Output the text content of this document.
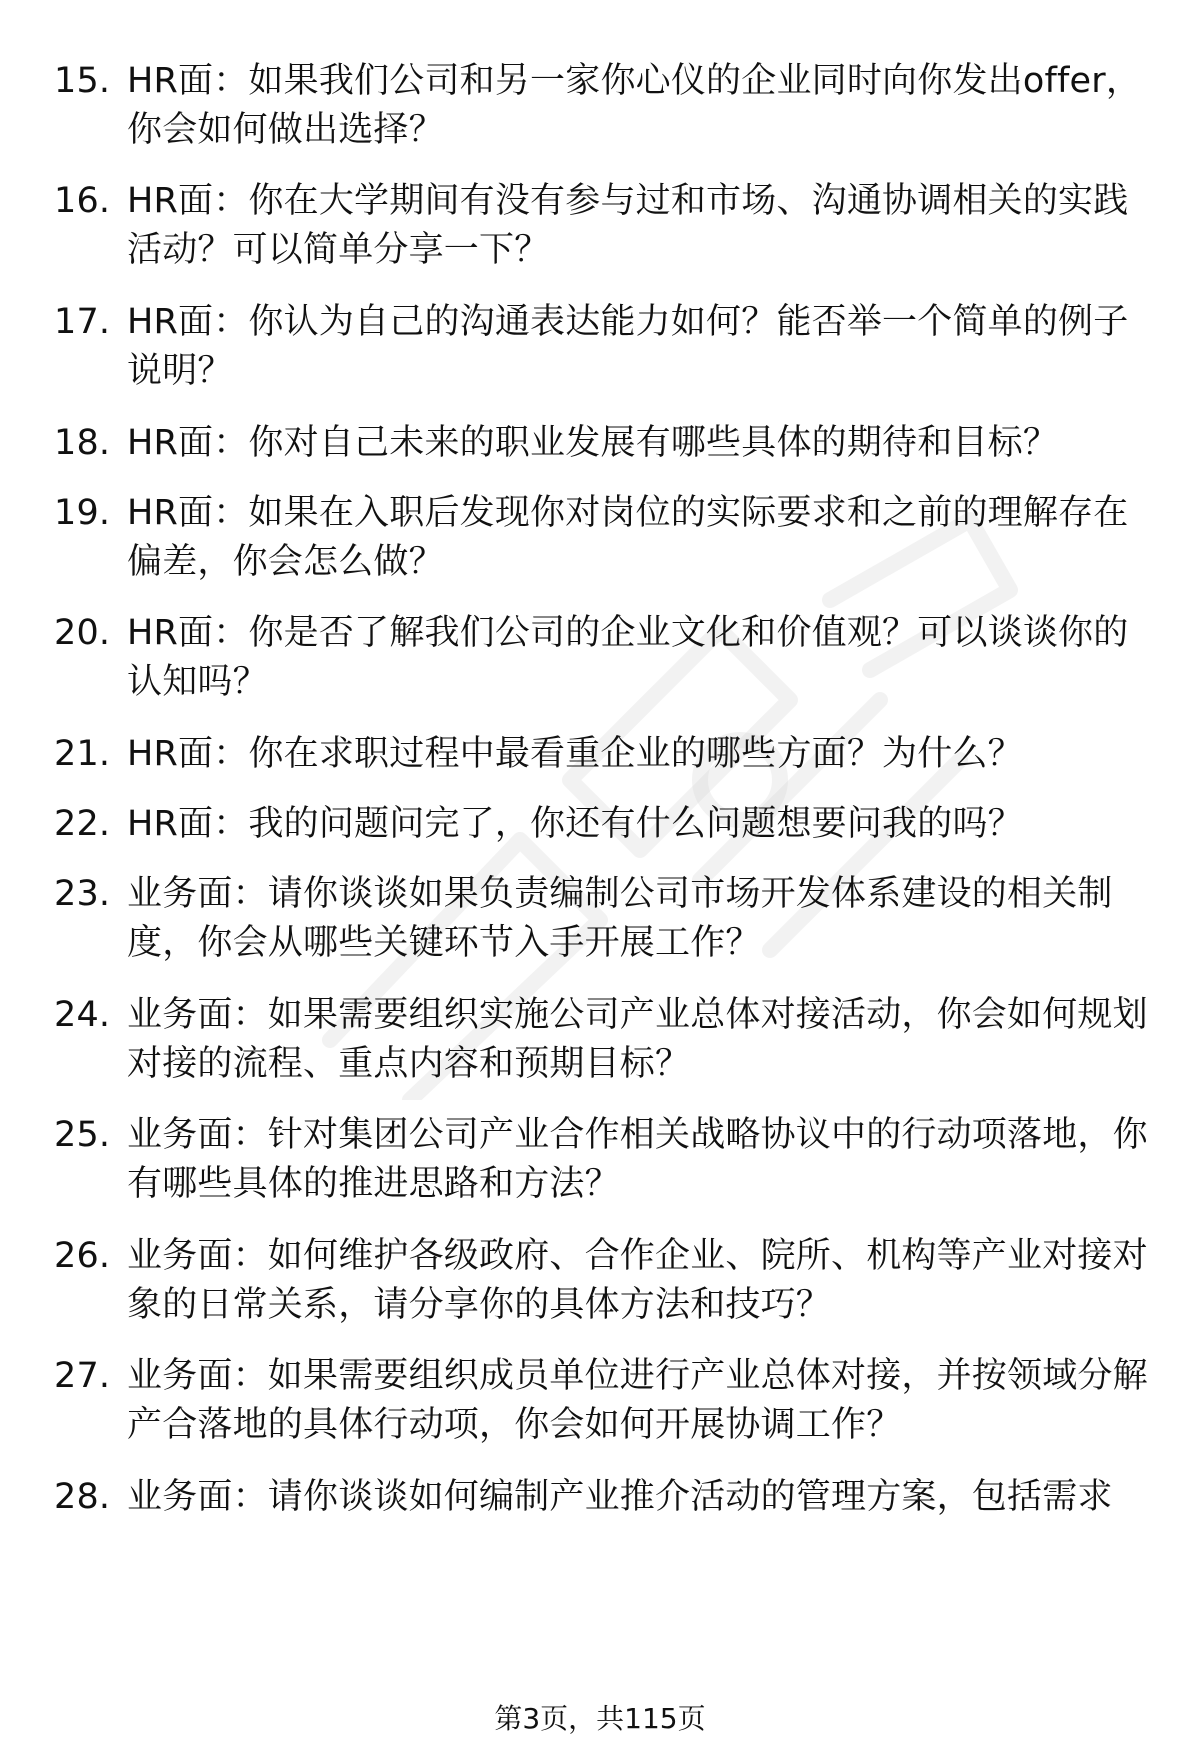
15. HR面：如果我们公司和另一家你心仪的企业同时向你发出offer，你会如何做出选择？
16. HR面：你在大学期间有没有参与过和市场、沟通协调相关的实践活动？可以简单分享一下？
17. HR面：你认为自己的沟通表达能力如何？能否举一个简单的例子说明？
18. HR面：你对自己未来的职业发展有哪些具体的期待和目标？
19. HR面：如果在入职后发现你对岗位的实际要求和之前的理解存在偏差，你会怎么做？
20. HR面：你是否了解我们公司的企业文化和价值观？可以谈谈你的认知吗？
21. HR面：你在求职过程中最看重企业的哪些方面？为什么？
22. HR面：我的问题问完了，你还有什么问题想要问我的吗？
23. 业务面：请你谈谈如果负责编制公司市场开发体系建设的相关制度，你会从哪些关键环节入手开展工作？
24. 业务面：如果需要组织实施公司产业总体对接活动，你会如何规划对接的流程、重点内容和预期目标？
25. 业务面：针对集团公司产业合作相关战略协议中的行动项落地，你有哪些具体的推进思路和方法？
26. 业务面：如何维护各级政府、合作企业、院所、机构等产业对接对象的日常关系，请分享你的具体方法和技巧？
27. 业务面：如果需要组织成员单位进行产业总体对接，并按领域分解产合落地的具体行动项，你会如何开展协调工作？
28. 业务面：请你谈谈如何编制产业推介活动的管理方案，包括需求
第3页，共115页
